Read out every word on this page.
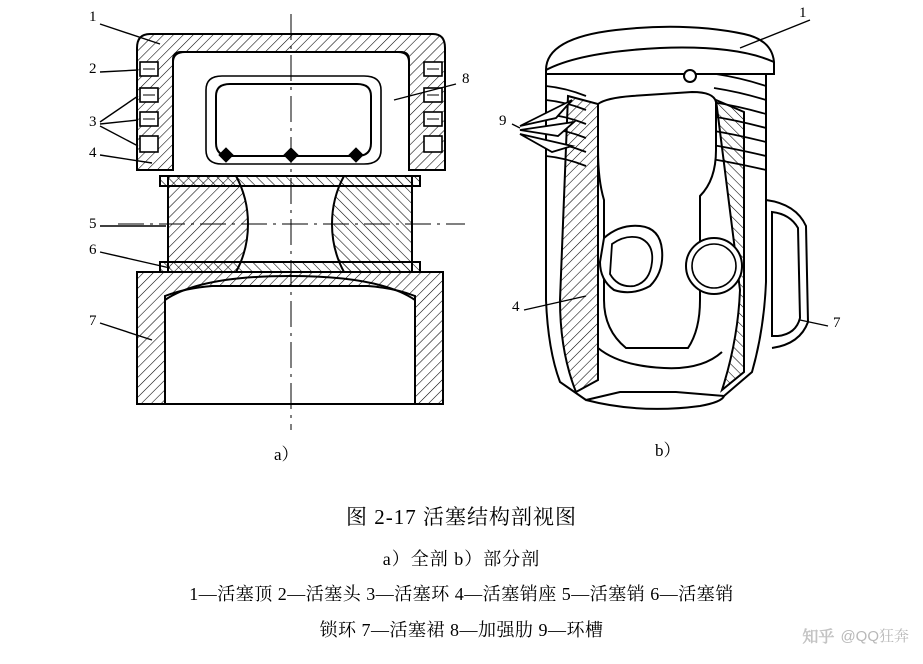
1
2
3
4
5
6
7
8
1
9
4
7
a）	b）
图 2-17 活塞结构剖视图
a）全剖 b）部分剖
1—活塞顶 2—活塞头 3—活塞环 4—活塞销座 5—活塞销 6—活塞销
锁环 7—活塞裙 8—加强肋 9—环槽	知乎 @QQ狂奔
